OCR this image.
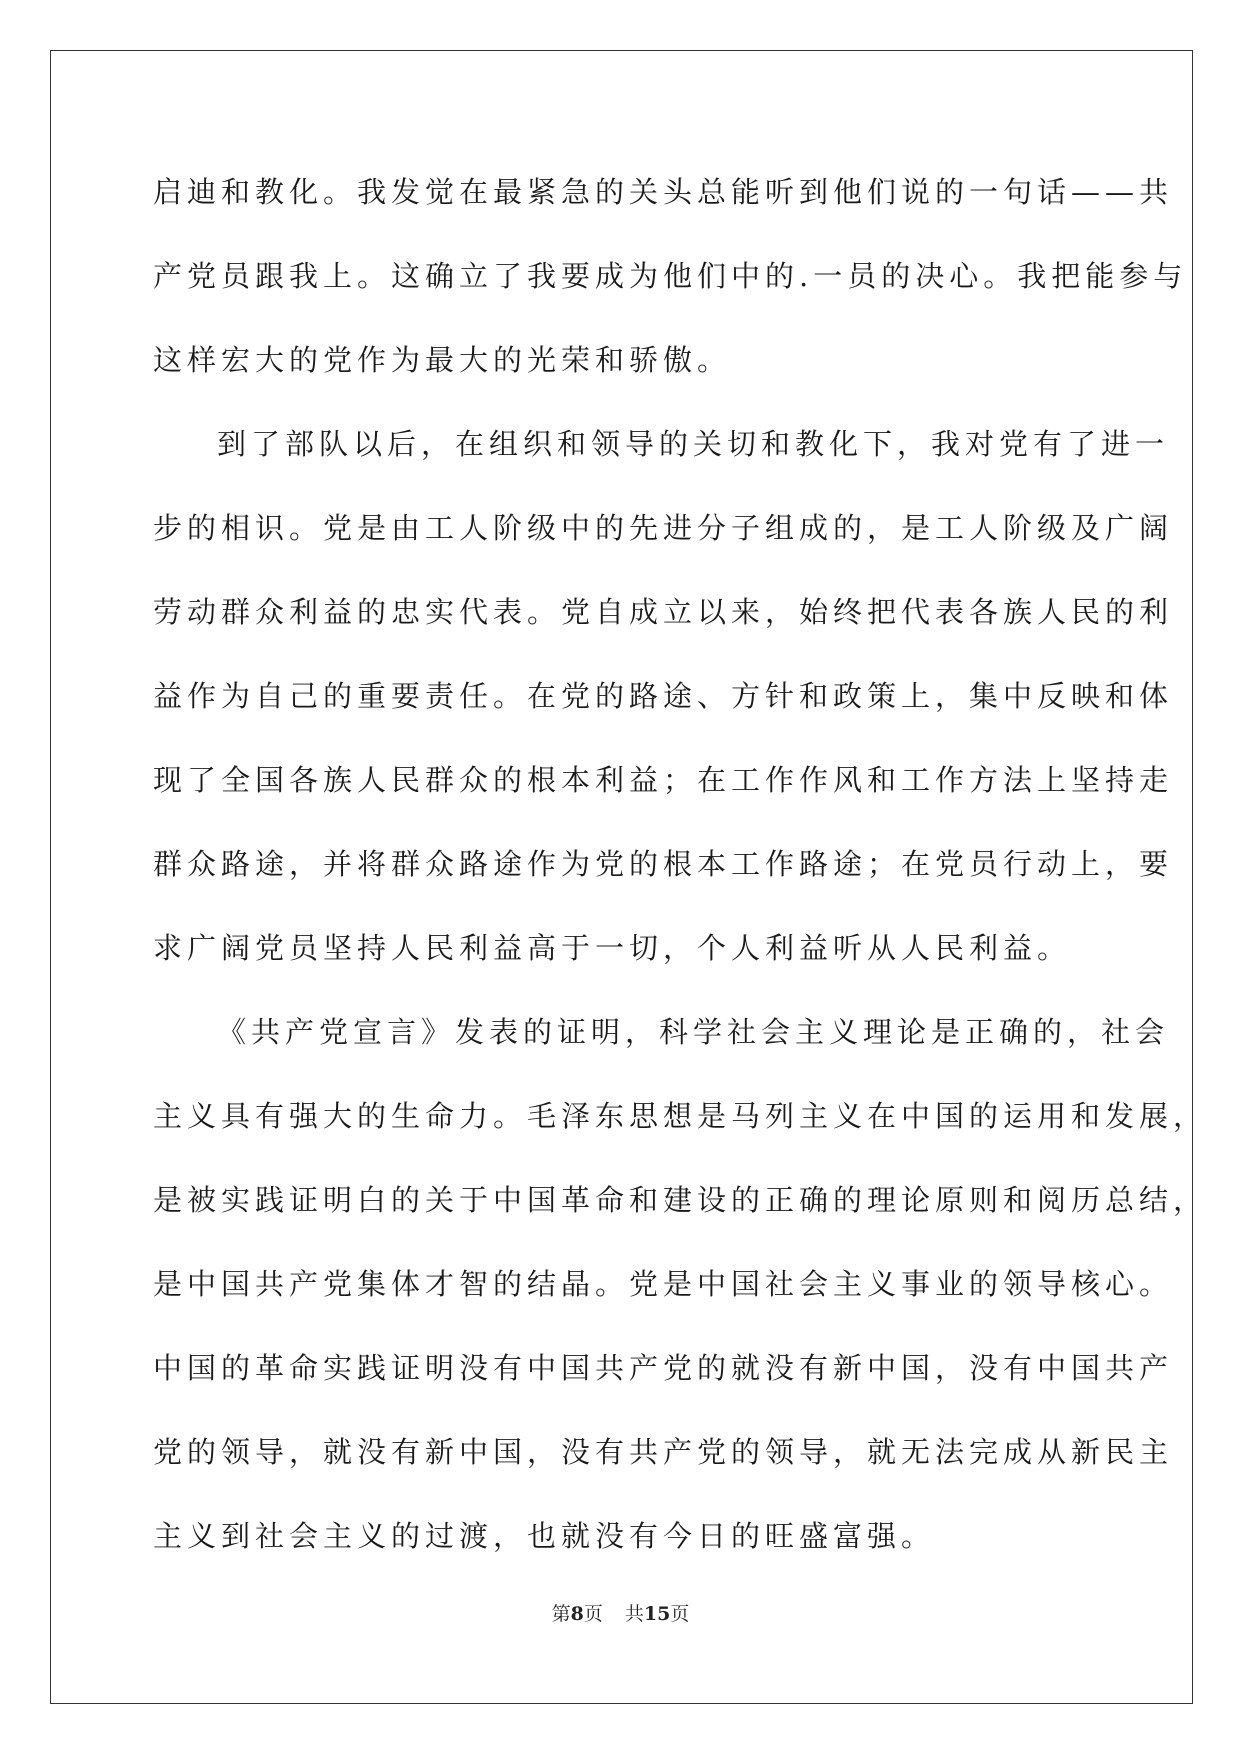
启迪和教化。我发觉在最紧急的关头总能听到他们说的一句话——共
产党员跟我上。这确立了我要成为他们中的.一员的决心。我把能参与
这样宏大的党作为最大的光荣和骄傲。
到了部队以后，在组织和领导的关切和教化下，我对党有了进一
步的相识。党是由工人阶级中的先进分子组成的，是工人阶级及广阔
劳动群众利益的忠实代表。党自成立以来，始终把代表各族人民的利
益作为自己的重要责任。在党的路途、方针和政策上，集中反映和体
现了全国各族人民群众的根本利益；在工作作风和工作方法上坚持走
群众路途，并将群众路途作为党的根本工作路途；在党员行动上，要
求广阔党员坚持人民利益高于一切，个人利益听从人民利益。
《共产党宣言》发表的证明，科学社会主义理论是正确的，社会
主义具有强大的生命力。毛泽东思想是马列主义在中国的运用和发展，
是被实践证明白的关于中国革命和建设的正确的理论原则和阅历总结，
是中国共产党集体才智的结晶。党是中国社会主义事业的领导核心。
中国的革命实践证明没有中国共产党的就没有新中国，没有中国共产
党的领导，就没有新中国，没有共产党的领导，就无法完成从新民主
主义到社会主义的过渡，也就没有今日的旺盛富强。
第8页 共15页
